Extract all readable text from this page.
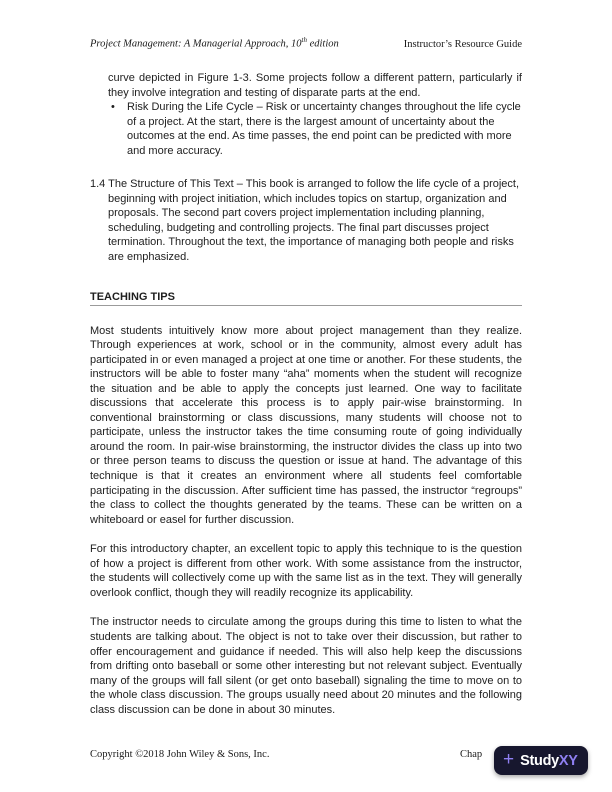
Project Management: A Managerial Approach, 10th edition	Instructor’s Resource Guide

curve depicted in Figure 1-3. Some projects follow a different pattern, particularly if they involve integration and testing of disparate parts at the end.

• Risk During the Life Cycle – Risk or uncertainty changes throughout the life cycle of a project. At the start, there is the largest amount of uncertainty about the outcomes at the end. As time passes, the end point can be predicted with more and more accuracy.

1.4 The Structure of This Text – This book is arranged to follow the life cycle of a project, beginning with project initiation, which includes topics on startup, organization and proposals. The second part covers project implementation including planning, scheduling, budgeting and controlling projects. The final part discusses project termination. Throughout the text, the importance of managing both people and risks are emphasized.

TEACHING TIPS

Most students intuitively know more about project management than they realize. Through experiences at work, school or in the community, almost every adult has participated in or even managed a project at one time or another. For these students, the instructors will be able to foster many “aha” moments when the student will recognize the situation and be able to apply the concepts just learned. One way to facilitate discussions that accelerate this process is to apply pair-wise brainstorming. In conventional brainstorming or class discussions, many students will choose not to participate, unless the instructor takes the time consuming route of going individually around the room. In pair-wise brainstorming, the instructor divides the class up into two or three person teams to discuss the question or issue at hand. The advantage of this technique is that it creates an environment where all students feel comfortable participating in the discussion. After sufficient time has passed, the instructor “regroups” the class to collect the thoughts generated by the teams. These can be written on a whiteboard or easel for further discussion.

For this introductory chapter, an excellent topic to apply this technique to is the question of how a project is different from other work. With some assistance from the instructor, the students will collectively come up with the same list as in the text. They will generally overlook conflict, though they will readily recognize its applicability.

The instructor needs to circulate among the groups during this time to listen to what the students are talking about. The object is not to take over their discussion, but rather to offer encouragement and guidance if needed. This will also help keep the discussions from drifting onto baseball or some other interesting but not relevant subject. Eventually many of the groups will fall silent (or get onto baseball) signaling the time to move on to the whole class discussion. The groups usually need about 20 minutes and the following class discussion can be done in about 30 minutes.

Copyright ©2018 John Wiley & Sons, Inc.	Chap + StudyXY
